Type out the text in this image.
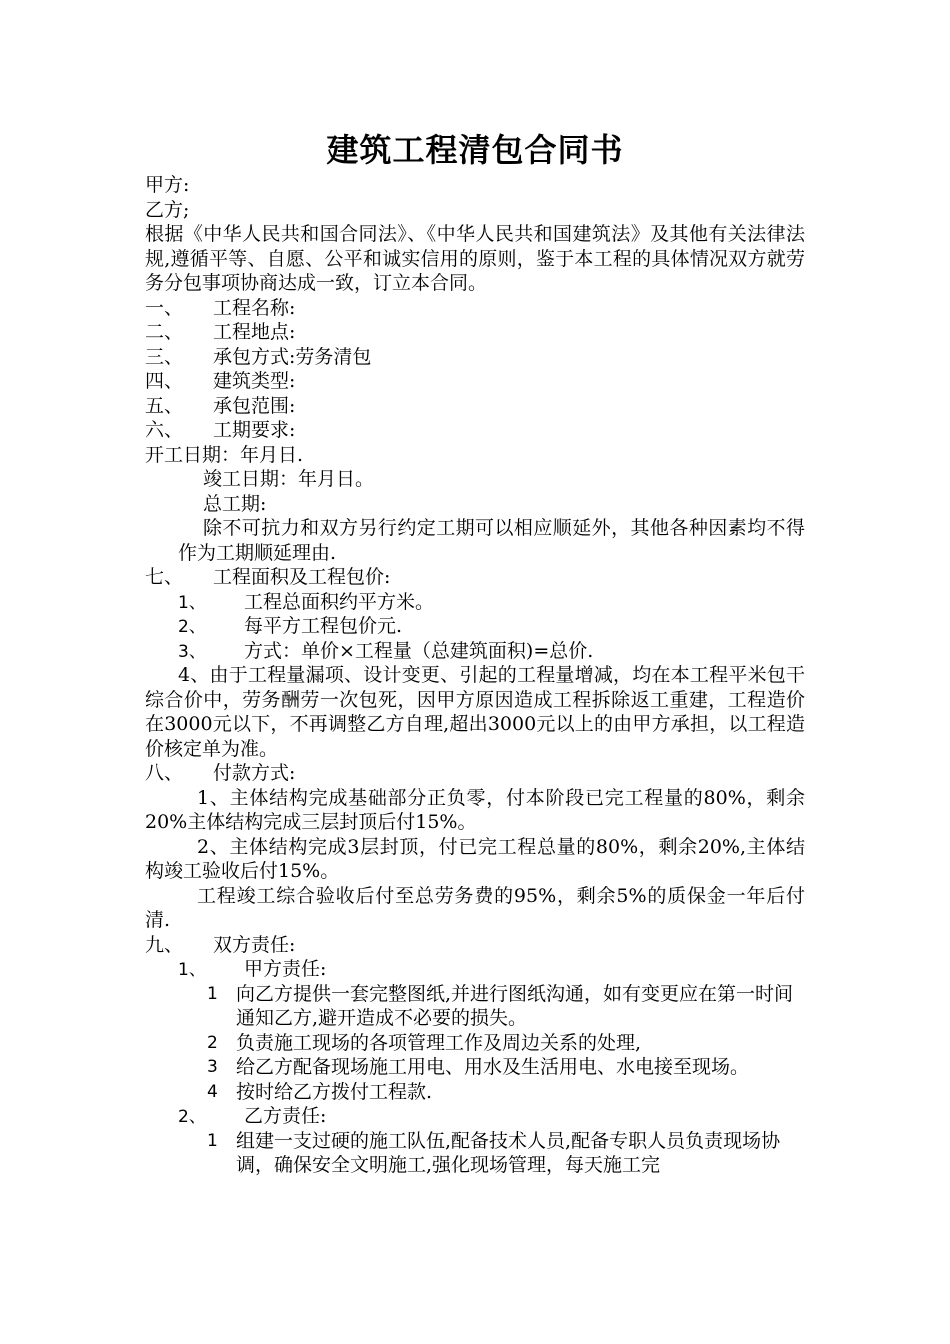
建筑工程清包合同书
甲方:
乙方;
根据《中华人民共和国合同法》、《中华人民共和国建筑法》及其他有关法律法规,遵循平等、自愿、公平和诚实信用的原则，鉴于本工程的具体情况双方就劳务分包事项协商达成一致，订立本合同。
一、 工程名称:
二、 工程地点:
三、 承包方式:劳务清包
四、 建筑类型:
五、 承包范围:
六、 工期要求:
开工日期：年月日.
竣工日期：年月日。
总工期:
除不可抗力和双方另行约定工期可以相应顺延外，其他各种因素均不得作为工期顺延理由.
七、 工程面积及工程包价:
1、 工程总面积约平方米。
2、 每平方工程包价元.
3、 方式：单价×工程量（总建筑面积)=总价.
4、由于工程量漏项、设计变更、引起的工程量增减，均在本工程平米包干综合价中，劳务酬劳一次包死，因甲方原因造成工程拆除返工重建，工程造价在3000元以下，不再调整乙方自理,超出3000元以上的由甲方承担，以工程造价核定单为准。
八、 付款方式:
1、主体结构完成基础部分正负零，付本阶段已完工程量的80%，剩余20%主体结构完成三层封顶后付15%。
2、主体结构完成3层封顶，付已完工程总量的80%，剩余20%,主体结构竣工验收后付15%。
工程竣工综合验收后付至总劳务费的95%，剩余5%的质保金一年后付清.
九、 双方责任:
1、 甲方责任:
1 向乙方提供一套完整图纸,并进行图纸沟通，如有变更应在第一时间通知乙方,避开造成不必要的损失。
2 负责施工现场的各项管理工作及周边关系的处理,
3 给乙方配备现场施工用电、用水及生活用电、水电接至现场。
4 按时给乙方拨付工程款.
2、 乙方责任:
1 组建一支过硬的施工队伍,配备技术人员,配备专职人员负责现场协调，确保安全文明施工,强化现场管理，每天施工完
